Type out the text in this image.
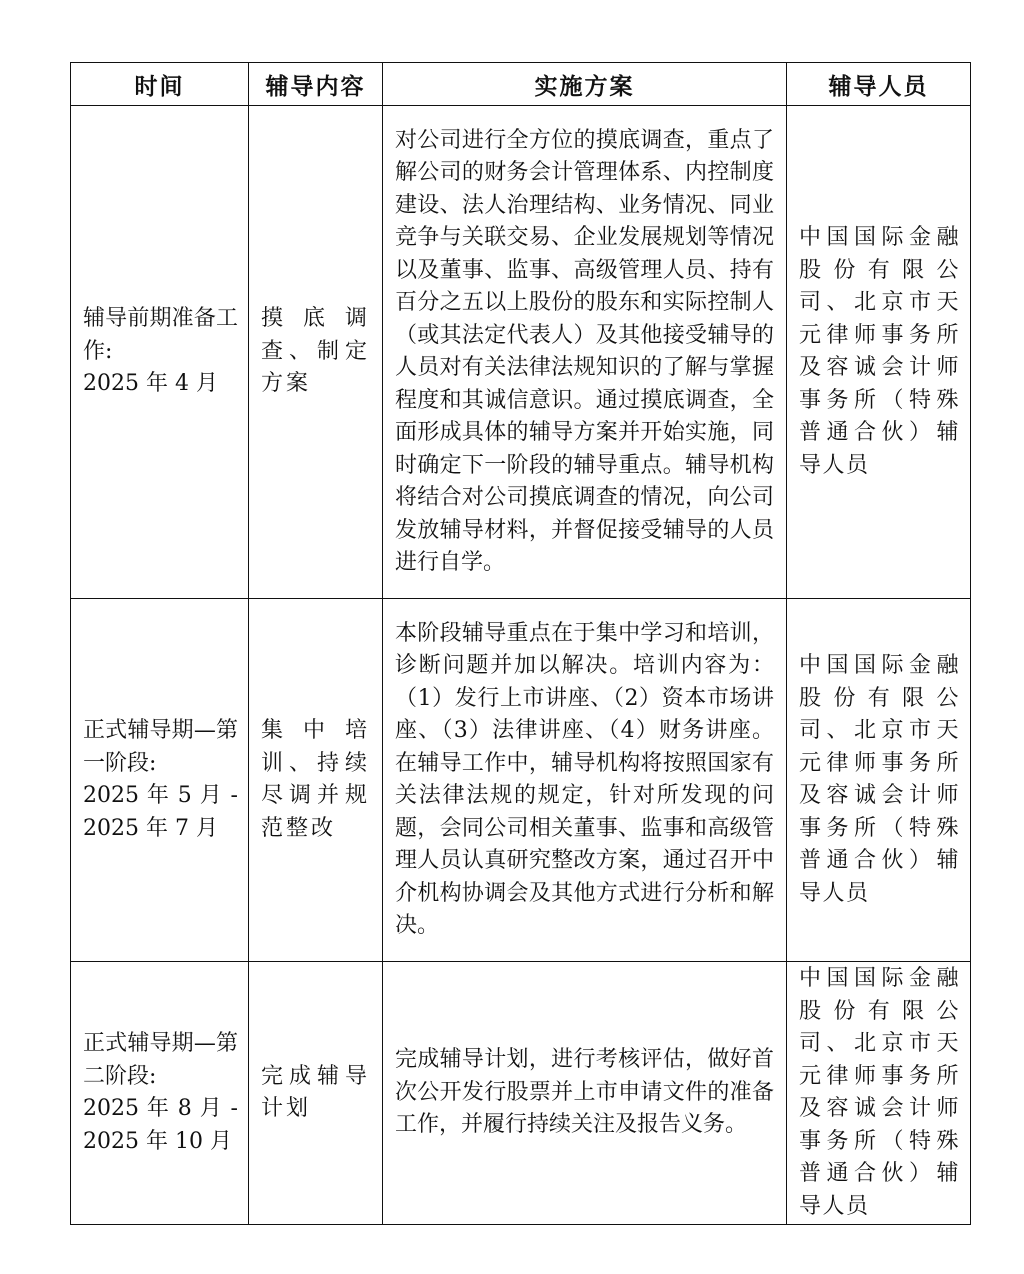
时间	辅导内容	实施方案	辅导人员

辅导前期准备工作:
2025 年 4 月	摸底调查、制定方案	对公司进行全方位的摸底调查，重点了解公司的财务会计管理体系、内控制度建设、法人治理结构、业务情况、同业竞争与关联交易、企业发展规划等情况以及董事、监事、高级管理人员、持有百分之五以上股份的股东和实际控制人（或其法定代表人）及其他接受辅导的人员对有关法律法规知识的了解与掌握程度和其诚信意识。通过摸底调查，全面形成具体的辅导方案并开始实施，同时确定下一阶段的辅导重点。辅导机构将结合对公司摸底调查的情况，向公司发放辅导材料，并督促接受辅导的人员进行自学。	中国国际金融股份有限公司、北京市天元律师事务所及容诚会计师事务所（特殊普通合伙）辅导人员

正式辅导期—第一阶段:
2025 年 5 月 -2025 年 7 月	集中培训、持续尽调并规范整改	本阶段辅导重点在于集中学习和培训，诊断问题并加以解决。培训内容为：（1）发行上市讲座、（2）资本市场讲座、（3）法律讲座、（4）财务讲座。在辅导工作中，辅导机构将按照国家有关法律法规的规定，针对所发现的问题，会同公司相关董事、监事和高级管理人员认真研究整改方案，通过召开中介机构协调会及其他方式进行分析和解决。	中国国际金融股份有限公司、北京市天元律师事务所及容诚会计师事务所（特殊普通合伙）辅导人员

正式辅导期—第二阶段:
2025 年 8 月 -2025 年 10 月	完成辅导计划	完成辅导计划，进行考核评估，做好首次公开发行股票并上市申请文件的准备工作，并履行持续关注及报告义务。	中国国际金融股份有限公司、北京市天元律师事务所及容诚会计师事务所（特殊普通合伙）辅导人员
